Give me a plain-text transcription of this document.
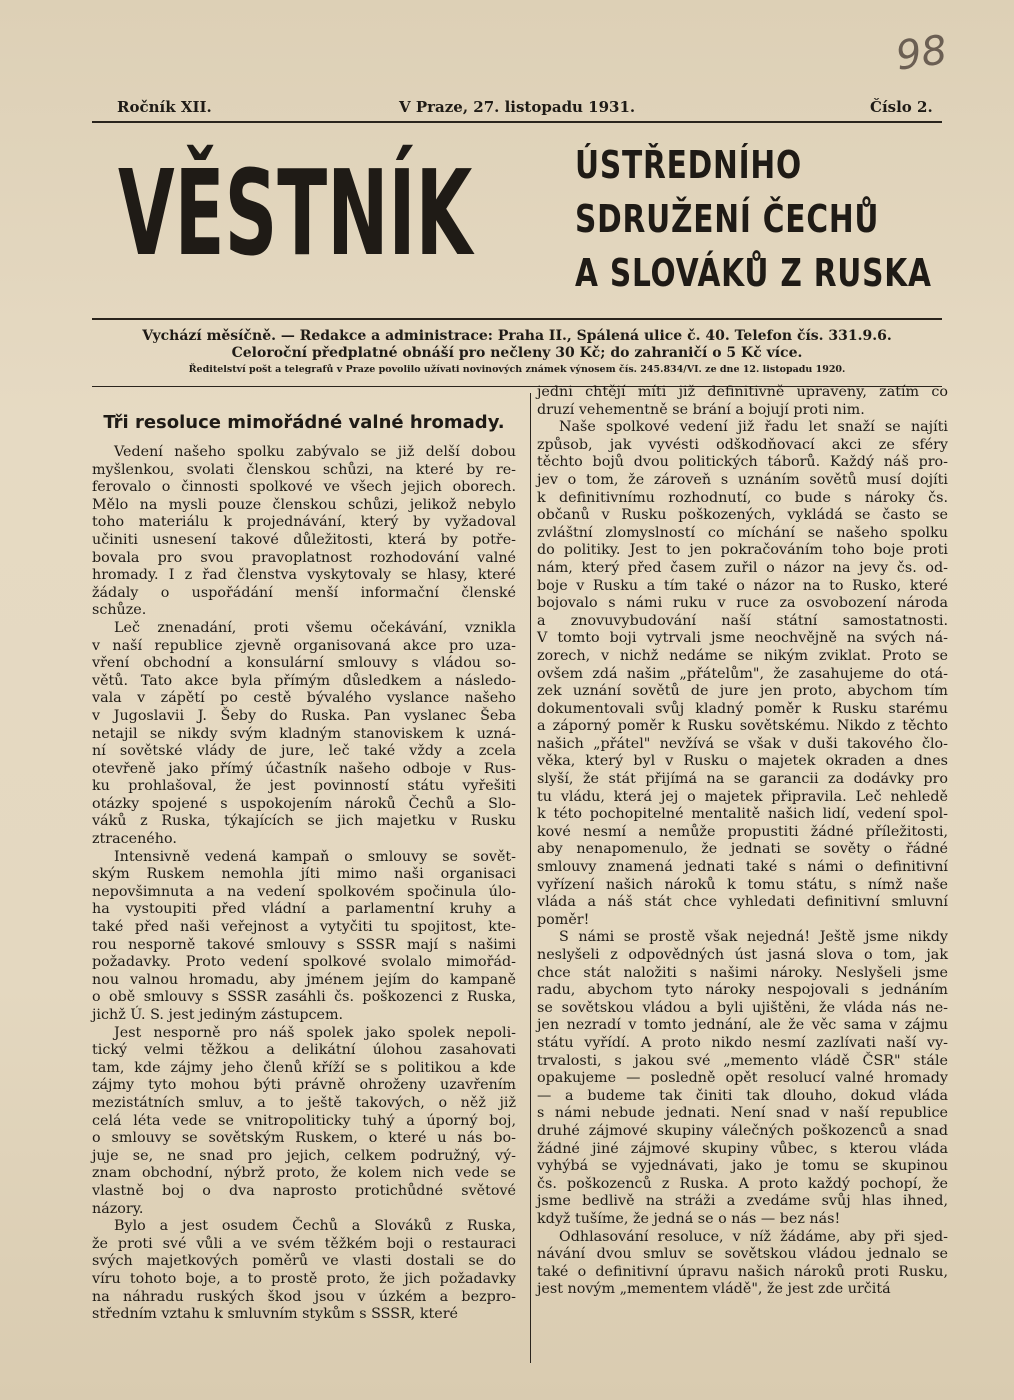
98
Ročník XII.	V Praze, 27. listopadu 1931.	Číslo 2.
VĚSTNÍK	ÚSTŘEDNÍHO
SDRUŽENÍ ČECHŮ
A SLOVÁKŮ Z RUSKA
Vychází měsíčně. — Redakce a administrace: Praha II., Spálená ulice č. 40. Telefon čís. 331.9.6.
Celoroční předplatné obnáší pro nečleny 30 Kč; do zahraničí o 5 Kč více.
Ředitelství pošt a telegrafů v Praze povolilo užívati novinových známek výnosem čís. 245.834/VI. ze dne 12. listopadu 1920.
Tři resoluce mimořádné valné hromady.

Vedení našeho spolku zabývalo se již delší dobou
myšlenkou, svolati členskou schůzi, na které by re-
ferovalo o činnosti spolkové ve všech jejich oborech.
Mělo na mysli pouze členskou schůzi, jelikož nebylo
toho materiálu k projednávání, který by vyžadoval
učiniti usnesení takové důležitosti, která by potře-
bovala pro svou pravoplatnost rozhodování valné
hromady. I z řad členstva vyskytovaly se hlasy, které
žádaly o uspořádání menší informační členské
schůze.

Leč znenadání, proti všemu očekávání, vznikla
v naší republice zjevně organisovaná akce pro uza-
vření obchodní a konsulární smlouvy s vládou so-
větů. Tato akce byla přímým důsledkem a následo-
vala v zápětí po cestě bývalého vyslance našeho
v Jugoslavii J. Šeby do Ruska. Pan vyslanec Šeba
netajil se nikdy svým kladným stanoviskem k uzná-
ní sovětské vlády de jure, leč také vždy a zcela
otevřeně jako přímý účastník našeho odboje v Rus-
ku prohlašoval, že jest povinností státu vyřešiti
otázky spojené s uspokojením nároků Čechů a Slo-
váků z Ruska, týkajících se jich majetku v Rusku
ztraceného.

Intensivně vedená kampaň o smlouvy se sovět-
ským Ruskem nemohla jíti mimo naši organisaci
nepovšimnuta a na vedení spolkovém spočinula úlo-
ha vystoupiti před vládní a parlamentní kruhy a
také před naši veřejnost a vytyčiti tu spojitost, kte-
rou nesporně takové smlouvy s SSSR mají s našimi
požadavky. Proto vedení spolkové svolalo mimořád-
nou valnou hromadu, aby jménem jejím do kampaně
o obě smlouvy s SSSR zasáhli čs. poškozenci z Ruska,
jichž Ú. S. jest jediným zástupcem.

Jest nesporně pro náš spolek jako spolek nepoli-
tický velmi těžkou a delikátní úlohou zasahovati
tam, kde zájmy jeho členů kříží se s politikou a kde
zájmy tyto mohou býti právně ohroženy uzavřením
mezistátních smluv, a to ještě takových, o něž již
celá léta vede se vnitropoliticky tuhý a úporný boj,
o smlouvy se sovětským Ruskem, o které u nás bo-
juje se, ne snad pro jejich, celkem podružný, vý-
znam obchodní, nýbrž proto, že kolem nich vede se
vlastně boj o dva naprosto protichůdné světové
názory.

Bylo a jest osudem Čechů a Slováků z Ruska,
že proti své vůli a ve svém těžkém boji o restauraci
svých majetkových poměrů ve vlasti dostali se do
víru tohoto boje, a to prostě proto, že jich požadavky
na náhradu ruských škod jsou v úzkém a bezpro-
středním vztahu k smluvním stykům s SSSR, které

jedni chtějí míti již definitivně upraveny, zatím co
druzí vehementně se brání a bojují proti nim.

Naše spolkové vedení již řadu let snaží se najíti
způsob, jak vyvésti odškodňovací akci ze sféry
těchto bojů dvou politických táborů. Každý náš pro-
jev o tom, že zároveň s uznáním sovětů musí dojíti
k definitivnímu rozhodnutí, co bude s nároky čs.
občanů v Rusku poškozených, vykládá se často se
zvláštní zlomyslností co míchání se našeho spolku
do politiky. Jest to jen pokračováním toho boje proti
nám, který před časem zuřil o názor na jevy čs. od-
boje v Rusku a tím také o názor na to Rusko, které
bojovalo s námi ruku v ruce za osvobození národa
a znovuvybudování naší státní samostatnosti.
V tomto boji vytrvali jsme neochvějně na svých ná-
zorech, v nichž nedáme se nikým zviklat. Proto se
ovšem zdá našim „přátelům", že zasahujeme do otá-
zek uznání sovětů de jure jen proto, abychom tím
dokumentovali svůj kladný poměr k Rusku starému
a záporný poměr k Rusku sovětskému. Nikdo z těchto
našich „přátel" nevžívá se však v duši takového člo-
věka, který byl v Rusku o majetek okraden a dnes
slyší, že stát přijímá na se garancii za dodávky pro
tu vládu, která jej o majetek připravila. Leč nehledě
k této pochopitelné mentalitě našich lidí, vedení spol-
kové nesmí a nemůže propustiti žádné příležitosti,
aby nenapomenulo, že jednati se sověty o řádné
smlouvy znamená jednati také s námi o definitivní
vyřízení našich nároků k tomu státu, s nímž naše
vláda a náš stát chce vyhledati definitivní smluvní
poměr!

S námi se prostě však nejedná! Ještě jsme nikdy
neslyšeli z odpovědných úst jasná slova o tom, jak
chce stát naložiti s našimi nároky. Neslyšeli jsme
radu, abychom tyto nároky nespojovali s jednáním
se sovětskou vládou a byli ujištěni, že vláda nás ne-
jen nezradí v tomto jednání, ale že věc sama v zájmu
státu vyřídí. A proto nikdo nesmí zazlívati naší vy-
trvalosti, s jakou své „memento vládě ČSR" stále
opakujeme — posledně opět resolucí valné hromady
— a budeme tak činiti tak dlouho, dokud vláda
s námi nebude jednati. Není snad v naší republice
druhé zájmové skupiny válečných poškozenců a snad
žádné jiné zájmové skupiny vůbec, s kterou vláda
vyhýbá se vyjednávati, jako je tomu se skupinou
čs. poškozenců z Ruska. A proto každý pochopí, že
jsme bedlivě na stráži a zvedáme svůj hlas ihned,
když tušíme, že jedná se o nás — bez nás!

Odhlasování resoluce, v níž žádáme, aby při sjed-
návání dvou smluv se sovětskou vládou jednalo se
také o definitivní úpravu našich nároků proti Rusku,
jest novým „mementem vládě", že jest zde určitá
